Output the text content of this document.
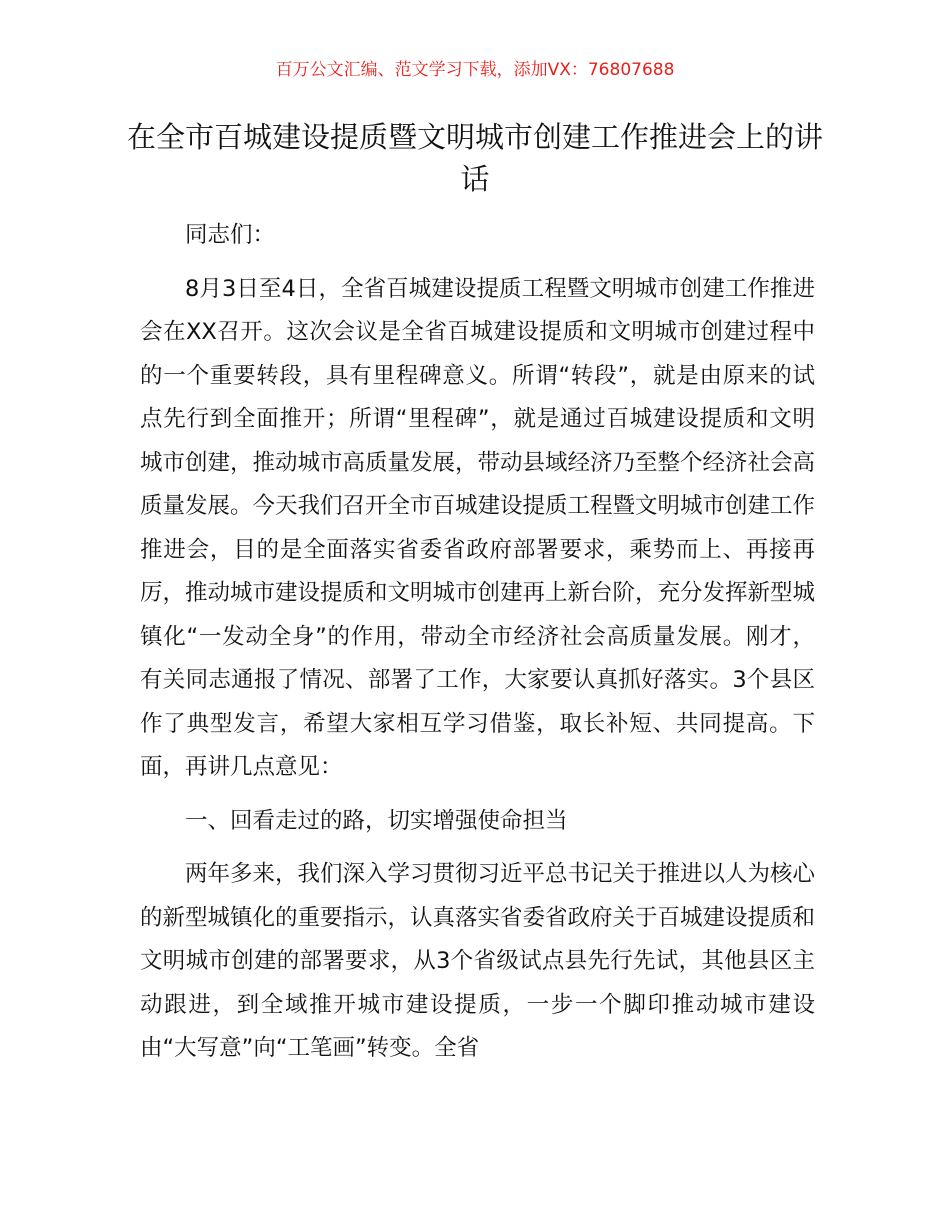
百万公文汇编、范文学习下载，添加VX：76807688
在全市百城建设提质暨文明城市创建工作推进会上的讲话

同志们：

8月3日至4日，全省百城建设提质工程暨文明城市创建工作推进会在XX召开。这次会议是全省百城建设提质和文明城市创建过程中的一个重要转段，具有里程碑意义。所谓“转段”，就是由原来的试点先行到全面推开；所谓“里程碑”，就是通过百城建设提质和文明城市创建，推动城市高质量发展，带动县域经济乃至整个经济社会高质量发展。今天我们召开全市百城建设提质工程暨文明城市创建工作推进会，目的是全面落实省委省政府部署要求，乘势而上、再接再厉，推动城市建设提质和文明城市创建再上新台阶，充分发挥新型城镇化“一发动全身”的作用，带动全市经济社会高质量发展。刚才，有关同志通报了情况、部署了工作，大家要认真抓好落实。3个县区作了典型发言，希望大家相互学习借鉴，取长补短、共同提高。下面，再讲几点意见：

一、回看走过的路，切实增强使命担当

两年多来，我们深入学习贯彻习近平总书记关于推进以人为核心的新型城镇化的重要指示，认真落实省委省政府关于百城建设提质和文明城市创建的部署要求，从3个省级试点县先行先试，其他县区主动跟进，到全域推开城市建设提质，一步一个脚印推动城市建设由“大写意”向“工笔画”转变。全省
